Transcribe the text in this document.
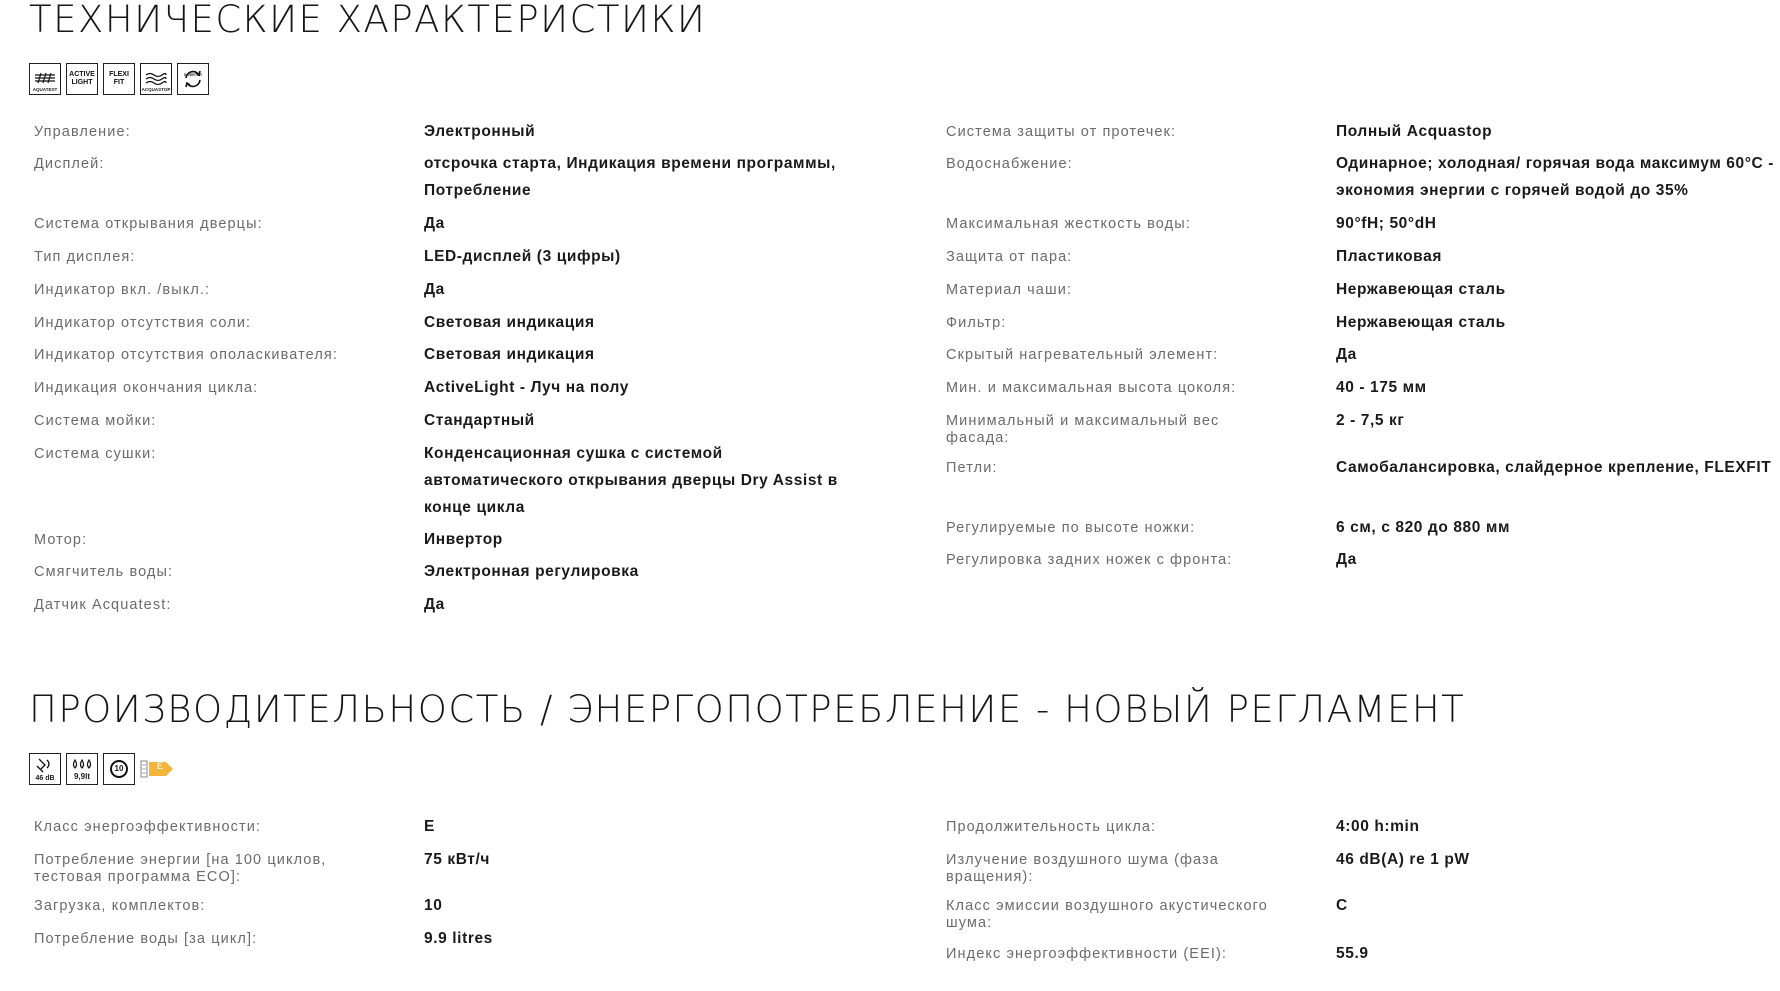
ТЕХНИЧЕСКИЕ ХАРАКТЕРИСТИКИ
AQUATEST
ACTIVE LIGHT
FLEXI FIT
ACQUASTOP
INVERTER
Управление:	Электронный
Дисплей:	отсрочка старта, Индикация времени программы, Потребление
Система открывания дверцы:	Да
Тип дисплея:	LED-дисплей (3 цифры)
Индикатор вкл. /выкл.:	Да
Индикатор отсутствия соли:	Световая индикация
Индикатор отсутствия ополаскивателя:	Световая индикация
Индикация окончания цикла:	ActiveLight - Луч на полу
Система мойки:	Стандартный
Система сушки:	Конденсационная сушка с системой автоматического открывания дверцы Dry Assist в конце цикла
Мотор:	Инвертор
Смягчитель воды:	Электронная регулировка
Датчик Acquatest:	Да
Система защиты от протечек:	Полный Acquastop
Водоснабжение:	Одинарное; холодная/ горячая вода максимум 60°C - экономия энергии с горячей водой до 35%
Максимальная жесткость воды:	90°fH; 50°dH
Защита от пара:	Пластиковая
Материал чаши:	Нержавеющая сталь
Фильтр:	Нержавеющая сталь
Скрытый нагревательный элемент:	Да
Мин. и максимальная высота цоколя:	40 - 175 мм
Минимальный и максимальный вес фасада:
2 - 7,5 кг
Петли:	Самобалансировка, слайдерное крепление, FLEXFIT
Регулируемые по высоте ножки:	6 см, с 820 до 880 мм
Регулировка задних ножек с фронта:	Да
ПРОИЗВОДИТЕЛЬНОСТЬ / ЭНЕРГОПОТРЕБЛЕНИЕ - НОВЫЙ РЕГЛАМЕНТ
46 dB	9,9lt
10	E
Класс энергоэффективности:	E
Потребление энергии [на 100 циклов, тестовая программа ECO]:
75 кВт/ч
Загрузка, комплектов:	10
Потребление воды [за цикл]:	9.9 litres
Продолжительность цикла:	4:00 h:min
Излучение воздушного шума (фаза вращения):
46 dB(A) re 1 pW
Класс эмиссии воздушного акустического шума:
C
Индекс энергоэффективности (EEI):	55.9
